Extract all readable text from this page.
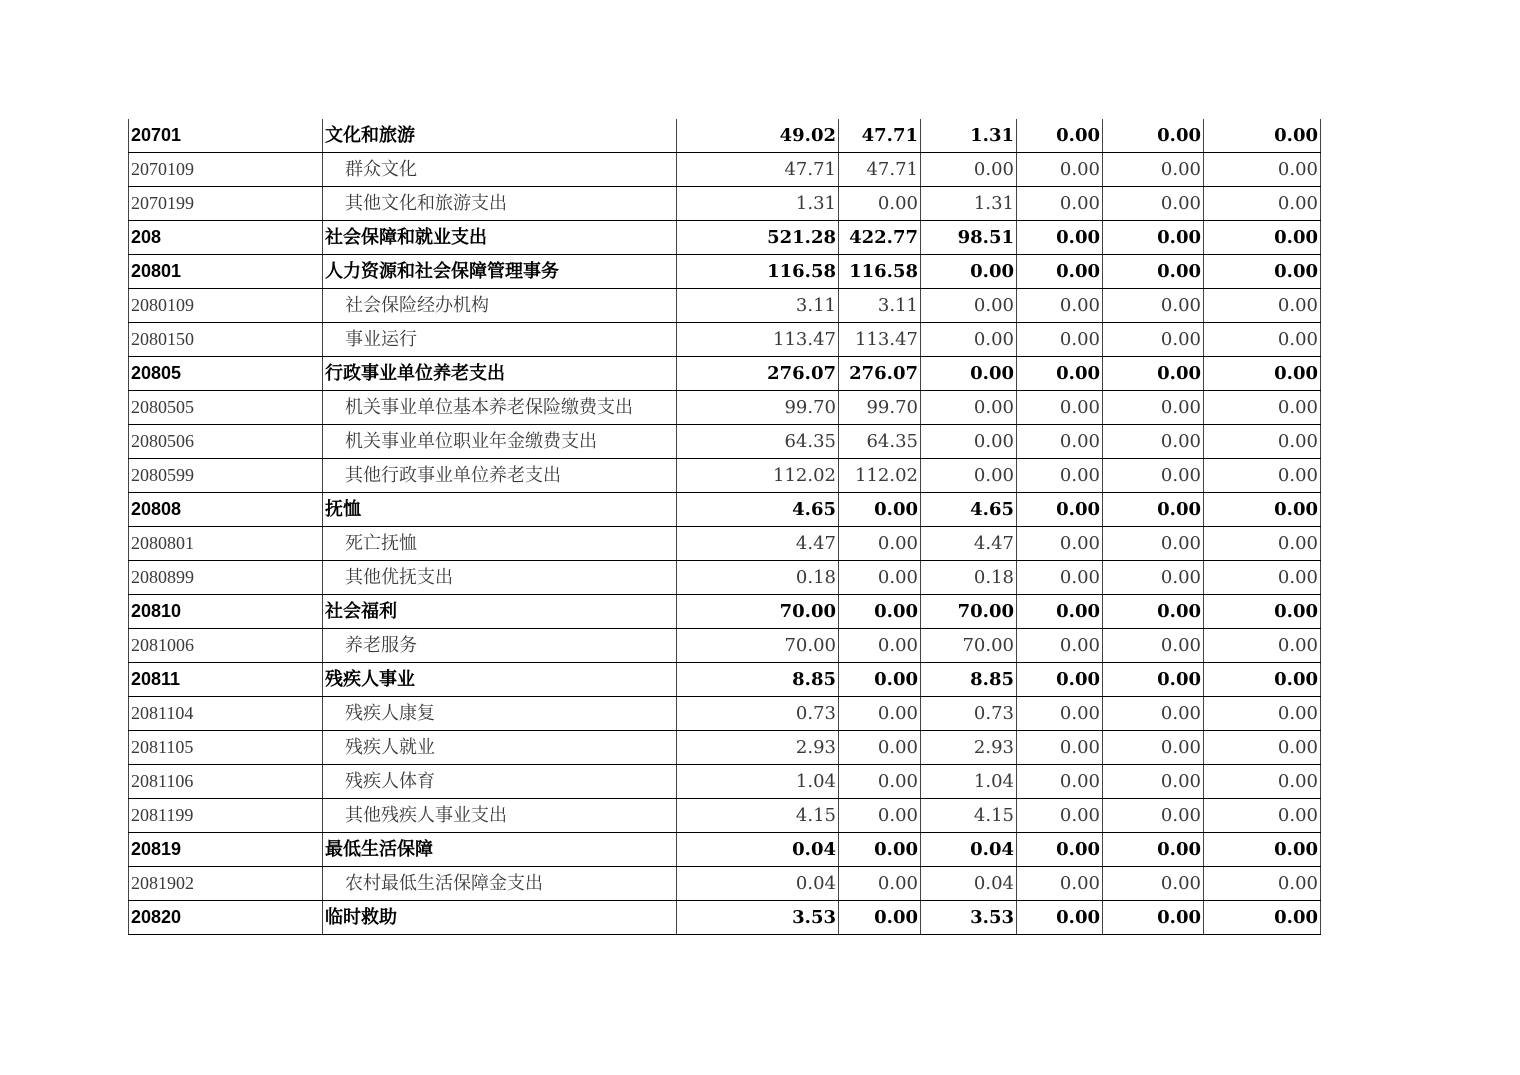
20701	文化和旅游	49.02	47.71	1.31	0.00	0.00	0.00
2070109	群众文化	47.71	47.71	0.00	0.00	0.00	0.00
2070199	其他文化和旅游支出	1.31	0.00	1.31	0.00	0.00	0.00
208	社会保障和就业支出	521.28	422.77	98.51	0.00	0.00	0.00
20801	人力资源和社会保障管理事务	116.58	116.58	0.00	0.00	0.00	0.00
2080109	社会保险经办机构	3.11	3.11	0.00	0.00	0.00	0.00
2080150	事业运行	113.47	113.47	0.00	0.00	0.00	0.00
20805	行政事业单位养老支出	276.07	276.07	0.00	0.00	0.00	0.00
2080505	机关事业单位基本养老保险缴费支出	99.70	99.70	0.00	0.00	0.00	0.00
2080506	机关事业单位职业年金缴费支出	64.35	64.35	0.00	0.00	0.00	0.00
2080599	其他行政事业单位养老支出	112.02	112.02	0.00	0.00	0.00	0.00
20808	抚恤	4.65	0.00	4.65	0.00	0.00	0.00
2080801	死亡抚恤	4.47	0.00	4.47	0.00	0.00	0.00
2080899	其他优抚支出	0.18	0.00	0.18	0.00	0.00	0.00
20810	社会福利	70.00	0.00	70.00	0.00	0.00	0.00
2081006	养老服务	70.00	0.00	70.00	0.00	0.00	0.00
20811	残疾人事业	8.85	0.00	8.85	0.00	0.00	0.00
2081104	残疾人康复	0.73	0.00	0.73	0.00	0.00	0.00
2081105	残疾人就业	2.93	0.00	2.93	0.00	0.00	0.00
2081106	残疾人体育	1.04	0.00	1.04	0.00	0.00	0.00
2081199	其他残疾人事业支出	4.15	0.00	4.15	0.00	0.00	0.00
20819	最低生活保障	0.04	0.00	0.04	0.00	0.00	0.00
2081902	农村最低生活保障金支出	0.04	0.00	0.04	0.00	0.00	0.00
20820	临时救助	3.53	0.00	3.53	0.00	0.00	0.00
